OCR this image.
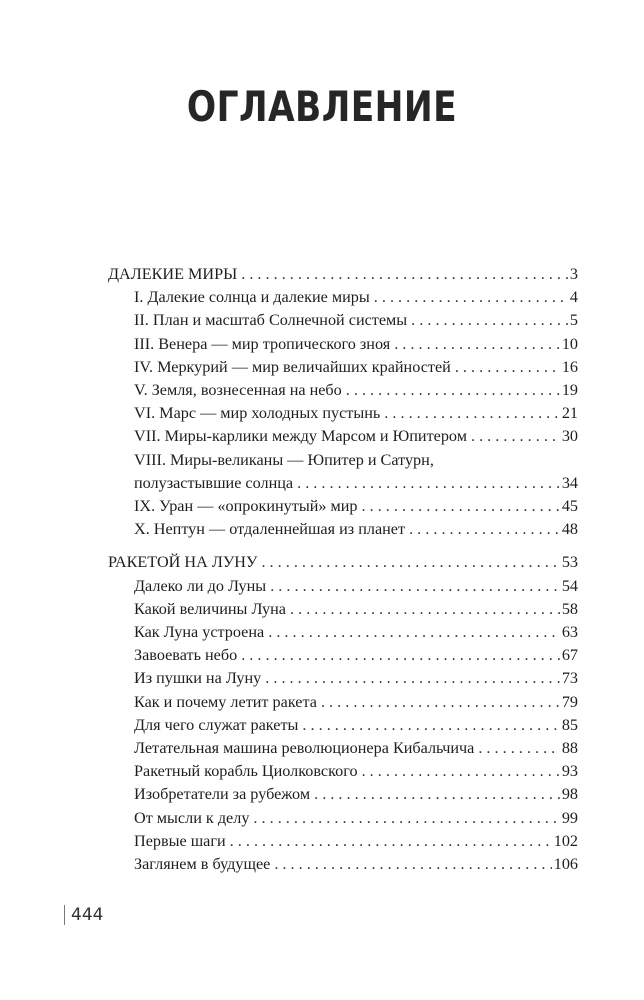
ОГЛАВЛЕНИЕ
ДАЛЕКИЕ МИРЫ . . .	3
I. Далекие солнца и далекие миры . . .	4
II. План и масштаб Солнечной системы . . .	5
III. Венера — мир тропического зноя . . .	10
IV. Меркурий — мир величайших крайностей . . .	16
V. Земля, вознесенная на небо . . .	19
VI. Марс — мир холодных пустынь . . .	21
VII. Миры-карлики между Марсом и Юпитером . . .	30
VIII. Миры-великаны — Юпитер и Сатурн,
полузастывшие солнца . . .	34
IX. Уран — «опрокинутый» мир . . .	45
X. Нептун — отдаленнейшая из планет . . .	48
РАКЕТОЙ НА ЛУНУ . . .	53
Далеко ли до Луны . . .	54
Какой величины Луна . . .	58
Как Луна устроена . . .	63
Завоевать небо . . .	67
Из пушки на Луну . . .	73
Как и почему летит ракета . . .	79
Для чего служат ракеты . . .	85
Летательная машина революционера Кибальчича . . .	88
Ракетный корабль Циолковского . . .	93
Изобретатели за рубежом . . .	98
От мысли к делу . . .	99
Первые шаги . . .	102
Заглянем в будущее . . .	106
444
